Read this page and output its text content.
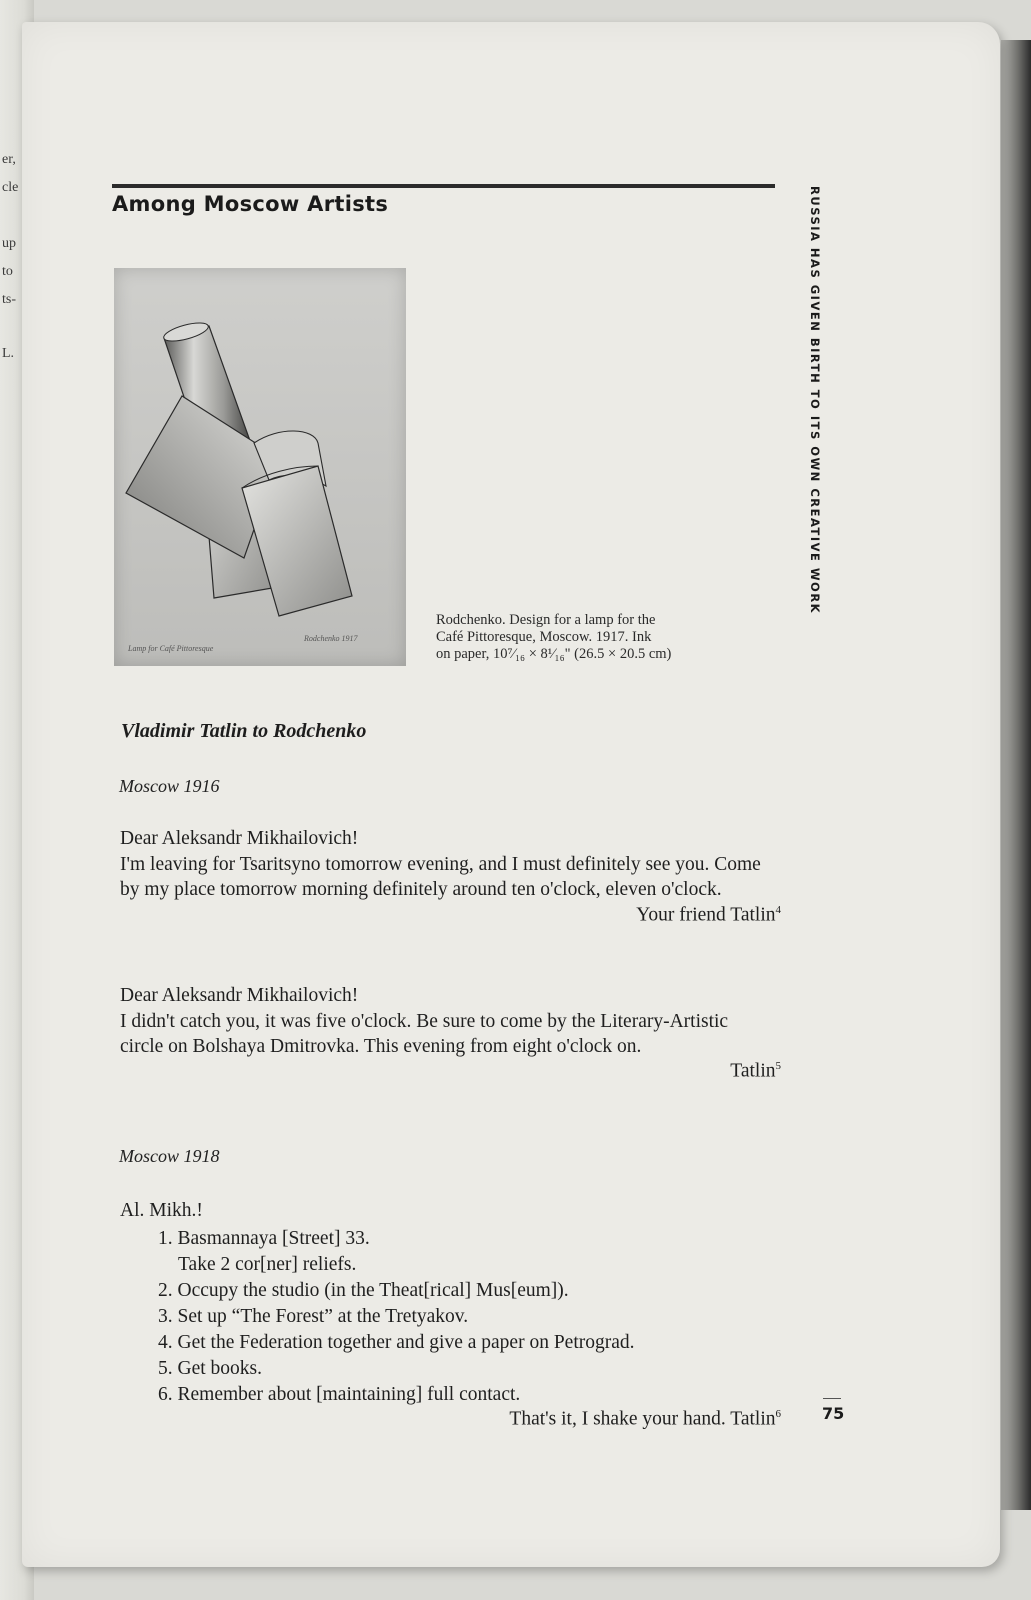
er,
cle
up
to
ts-
L.
Among Moscow Artists	RUSSIA HAS GIVEN BIRTH TO ITS OWN CREATIVE WORK
Lamp for Café Pittoresque
Rodchenko 1917
Rodchenko. Design for a lamp for the
Café Pittoresque, Moscow. 1917. Ink
on paper, 10⁷⁄₁₆ × 8¹⁄₁₆" (26.5 × 20.5 cm)
Vladimir Tatlin to Rodchenko
Moscow 1916
Dear Aleksandr Mikhailovich!
I'm leaving for Tsaritsyno tomorrow evening, and I must definitely see you. Come
by my place tomorrow morning definitely around ten o'clock, eleven o'clock.
Your friend Tatlin$^4$
Dear Aleksandr Mikhailovich!
I didn't catch you, it was five o'clock. Be sure to come by the Literary-Artistic
circle on Bolshaya Dmitrovka. This evening from eight o'clock on.
Tatlin$^5$
Moscow 1918
Al. Mikh.!
1. Basmannaya [Street] 33.
Take 2 cor[ner] reliefs.
2. Occupy the studio (in the Theat[rical] Mus[eum]).
3. Set up “The Forest” at the Tretyakov.
4. Get the Federation together and give a paper on Petrograd.
5. Get books.
6. Remember about [maintaining] full contact.
That's it, I shake your hand. Tatlin$^6$	75
